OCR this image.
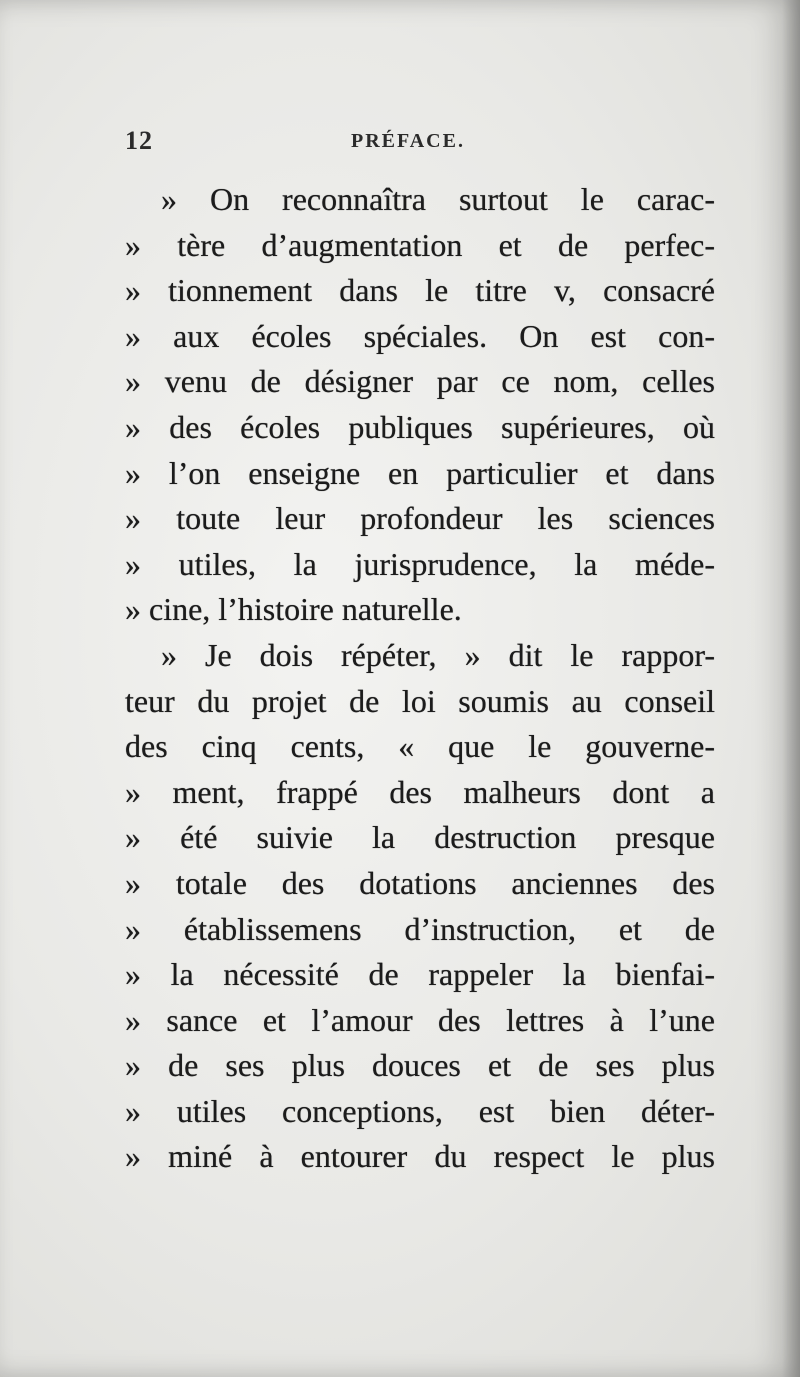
12	PRÉFACE.
» On reconnaîtra surtout le carac-
» tère d’augmentation et de perfec-
» tionnement dans le titre v, consacré
» aux écoles spéciales. On est con-
» venu de désigner par ce nom, celles
» des écoles publiques supérieures, où
» l’on enseigne en particulier et dans
» toute leur profondeur les sciences
» utiles, la jurisprudence, la méde-
» cine, l’histoire naturelle.
» Je dois répéter, » dit le rappor-
teur du projet de loi soumis au conseil
des cinq cents, « que le gouverne-
» ment, frappé des malheurs dont a
» été suivie la destruction presque
» totale des dotations anciennes des
» établissemens d’instruction, et de
» la nécessité de rappeler la bienfai-
» sance et l’amour des lettres à l’une
» de ses plus douces et de ses plus
» utiles conceptions, est bien déter-
» miné à entourer du respect le plus
